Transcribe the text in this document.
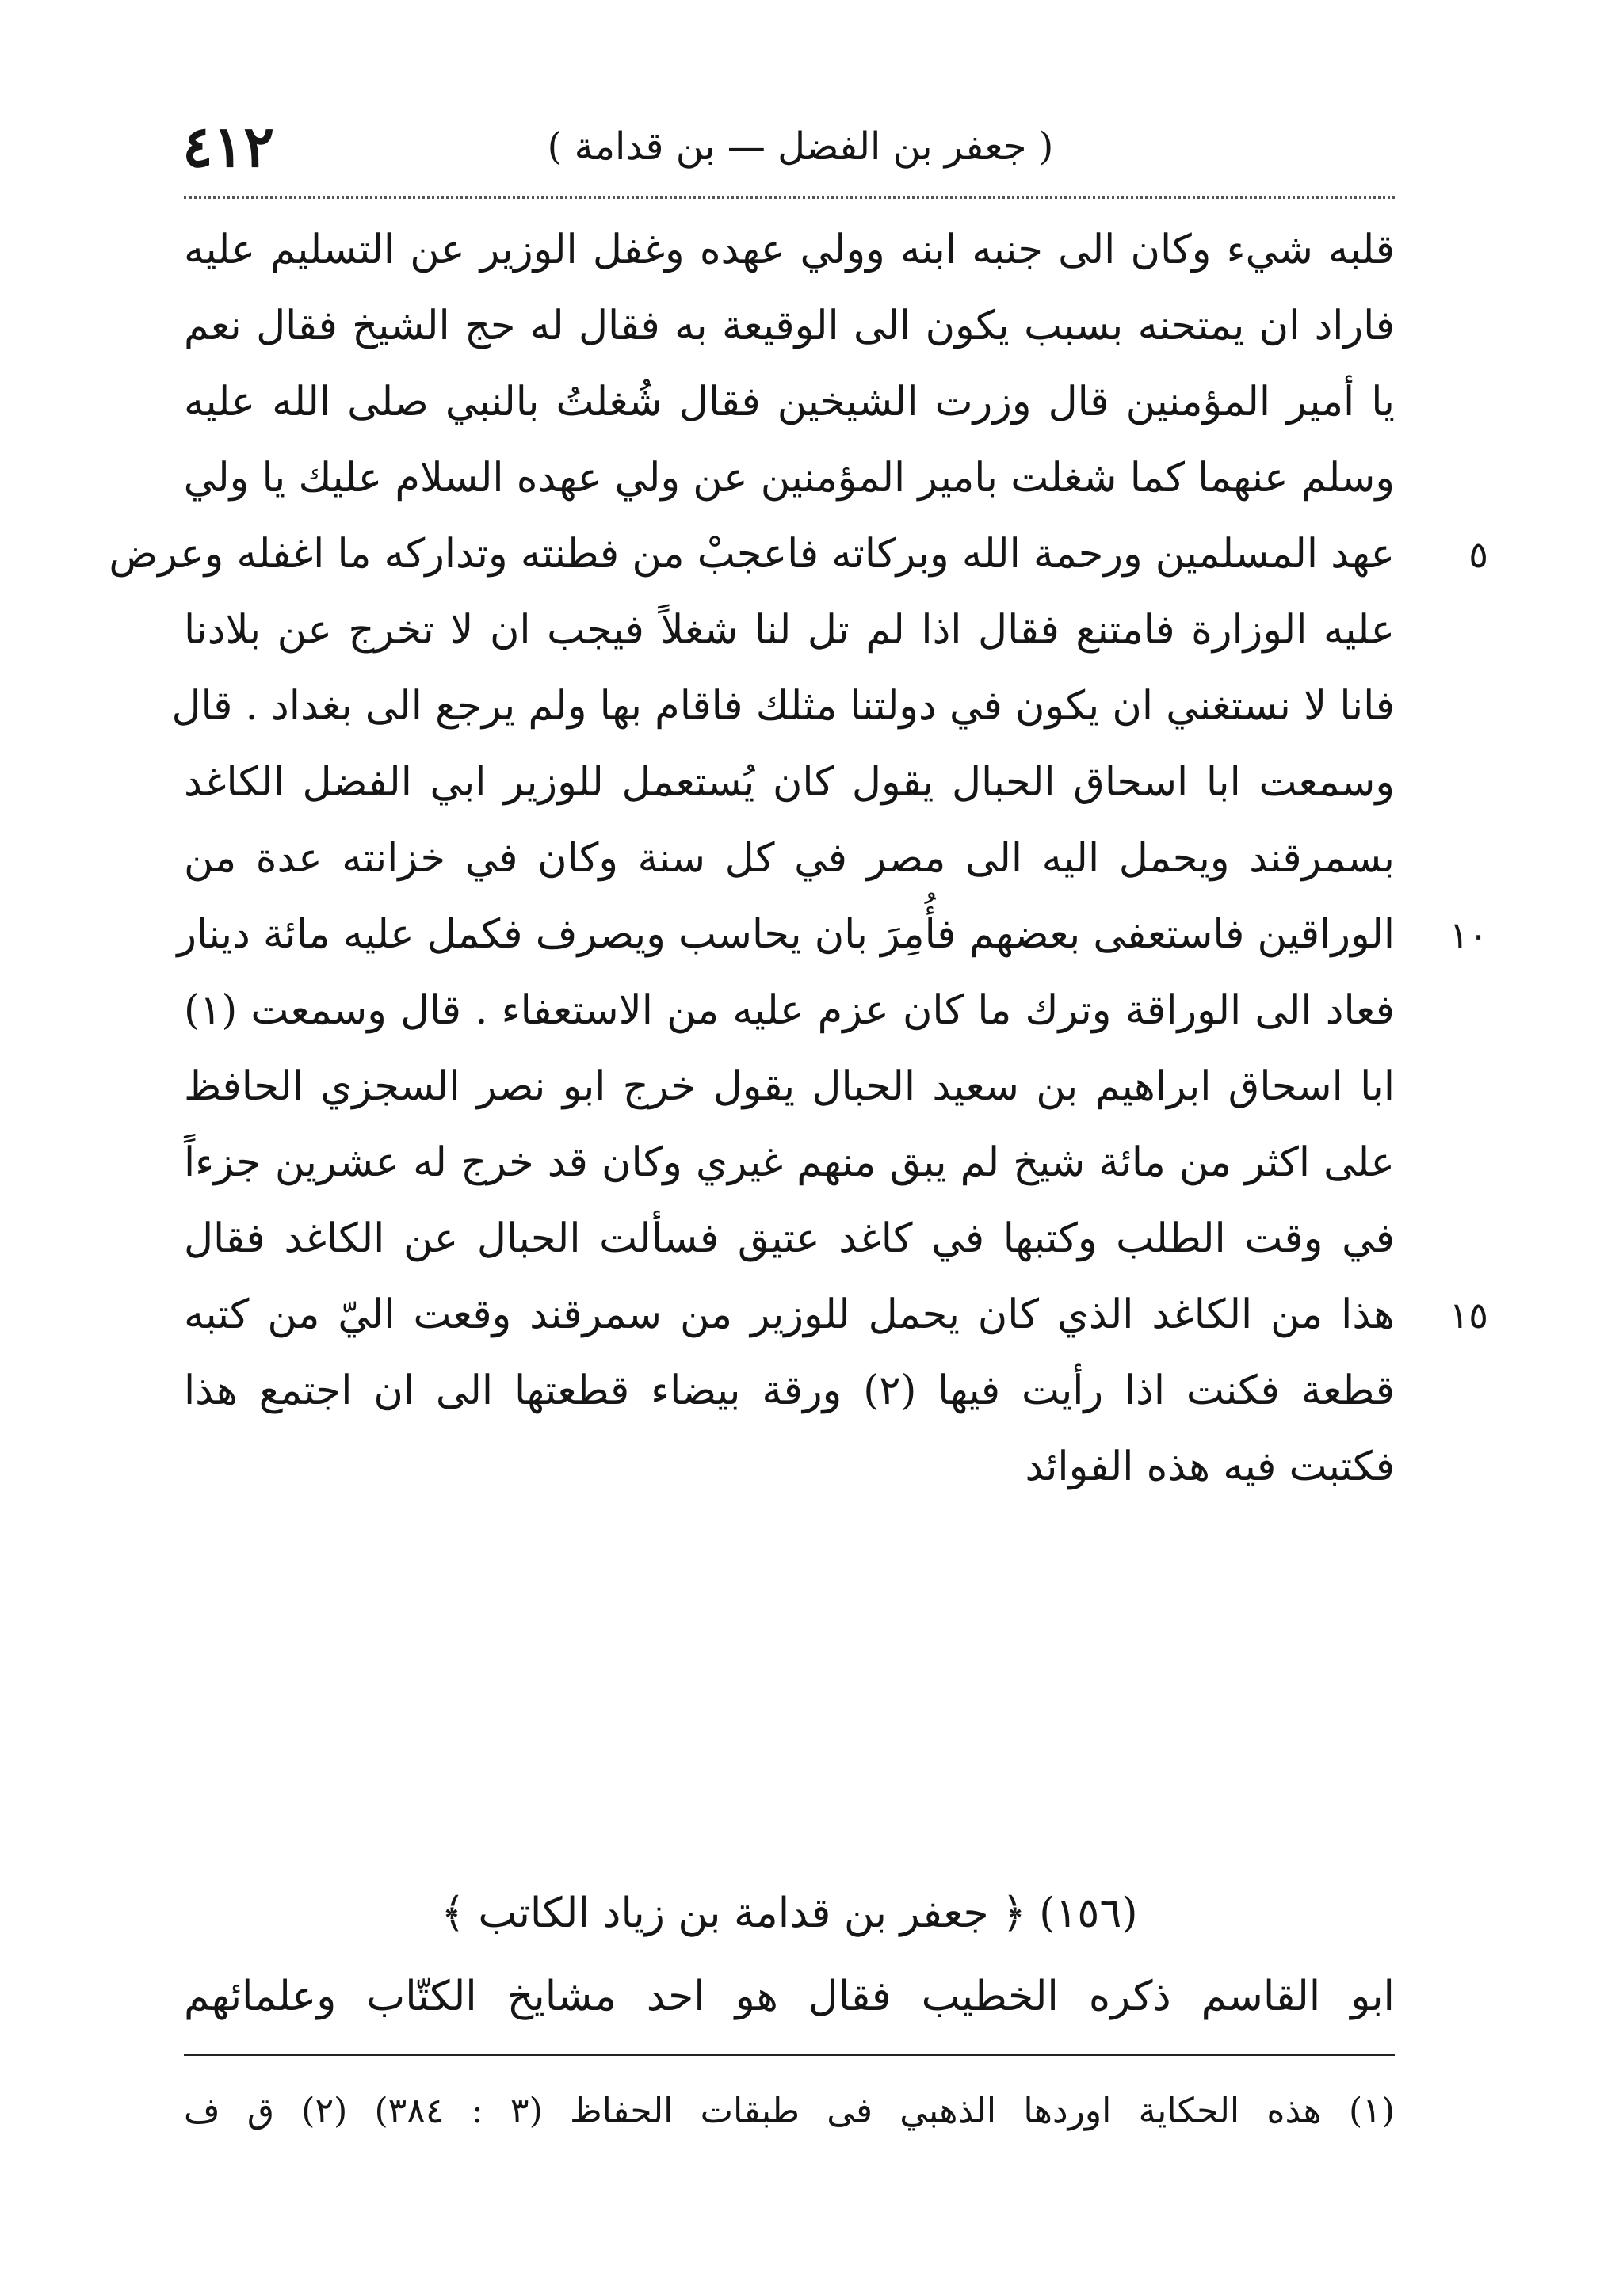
٤١٢	( جعفر بن الفضل — بن قدامة )
قلبه شيء وكان الى جنبه ابنه وولي عهده وغفل الوزير عن التسليم عليه
فاراد ان يمتحنه بسبب يكون الى الوقيعة به فقال له حج الشيخ فقال نعم
يا أمير المؤمنين قال وزرت الشيخين فقال شُغلتُ بالنبي صلى الله عليه
وسلم عنهما كما شغلت بامير المؤمنين عن ولي عهده السلام عليك يا ولي
عهد المسلمين ورحمة الله وبركاته فاعجبْ من فطنته وتداركه ما اغفله وعرض	٥
عليه الوزارة فامتنع فقال اذا لم تل لنا شغلاً فيجب ان لا تخرج عن بلادنا
فانا لا نستغني ان يكون في دولتنا مثلك فاقام بها ولم يرجع الى بغداد . قال
وسمعت ابا اسحاق الحبال يقول كان يُستعمل للوزير ابي الفضل الكاغد
بسمرقند ويحمل اليه الى مصر في كل سنة وكان في خزانته عدة من
الوراقين فاستعفى بعضهم فأُمِرَ بان يحاسب ويصرف فكمل عليه مائة دينار	١٠
فعاد الى الوراقة وترك ما كان عزم عليه من الاستعفاء . قال وسمعت (١)
ابا اسحاق ابراهيم بن سعيد الحبال يقول خرج ابو نصر السجزي الحافظ
على اكثر من مائة شيخ لم يبق منهم غيري وكان قد خرج له عشرين جزءاً
في وقت الطلب وكتبها في كاغد عتيق فسألت الحبال عن الكاغد فقال
هذا من الكاغد الذي كان يحمل للوزير من سمرقند وقعت اليّ من كتبه	١٥
قطعة فكنت اذا رأيت فيها (٢) ورقة بيضاء قطعتها الى ان اجتمع هذا
فكتبت فيه هذه الفوائد
(١٥٦) ﴿ جعفر بن قدامة بن زياد الكاتب ﴾
ابو القاسم ذكره الخطيب فقال هو احد مشايخ الكتّاب وعلمائهم
(١) هذه الحكاية اوردها الذهبي فى طبقات الحفاظ (٣ : ٣٨٤) (٢) ق ف
